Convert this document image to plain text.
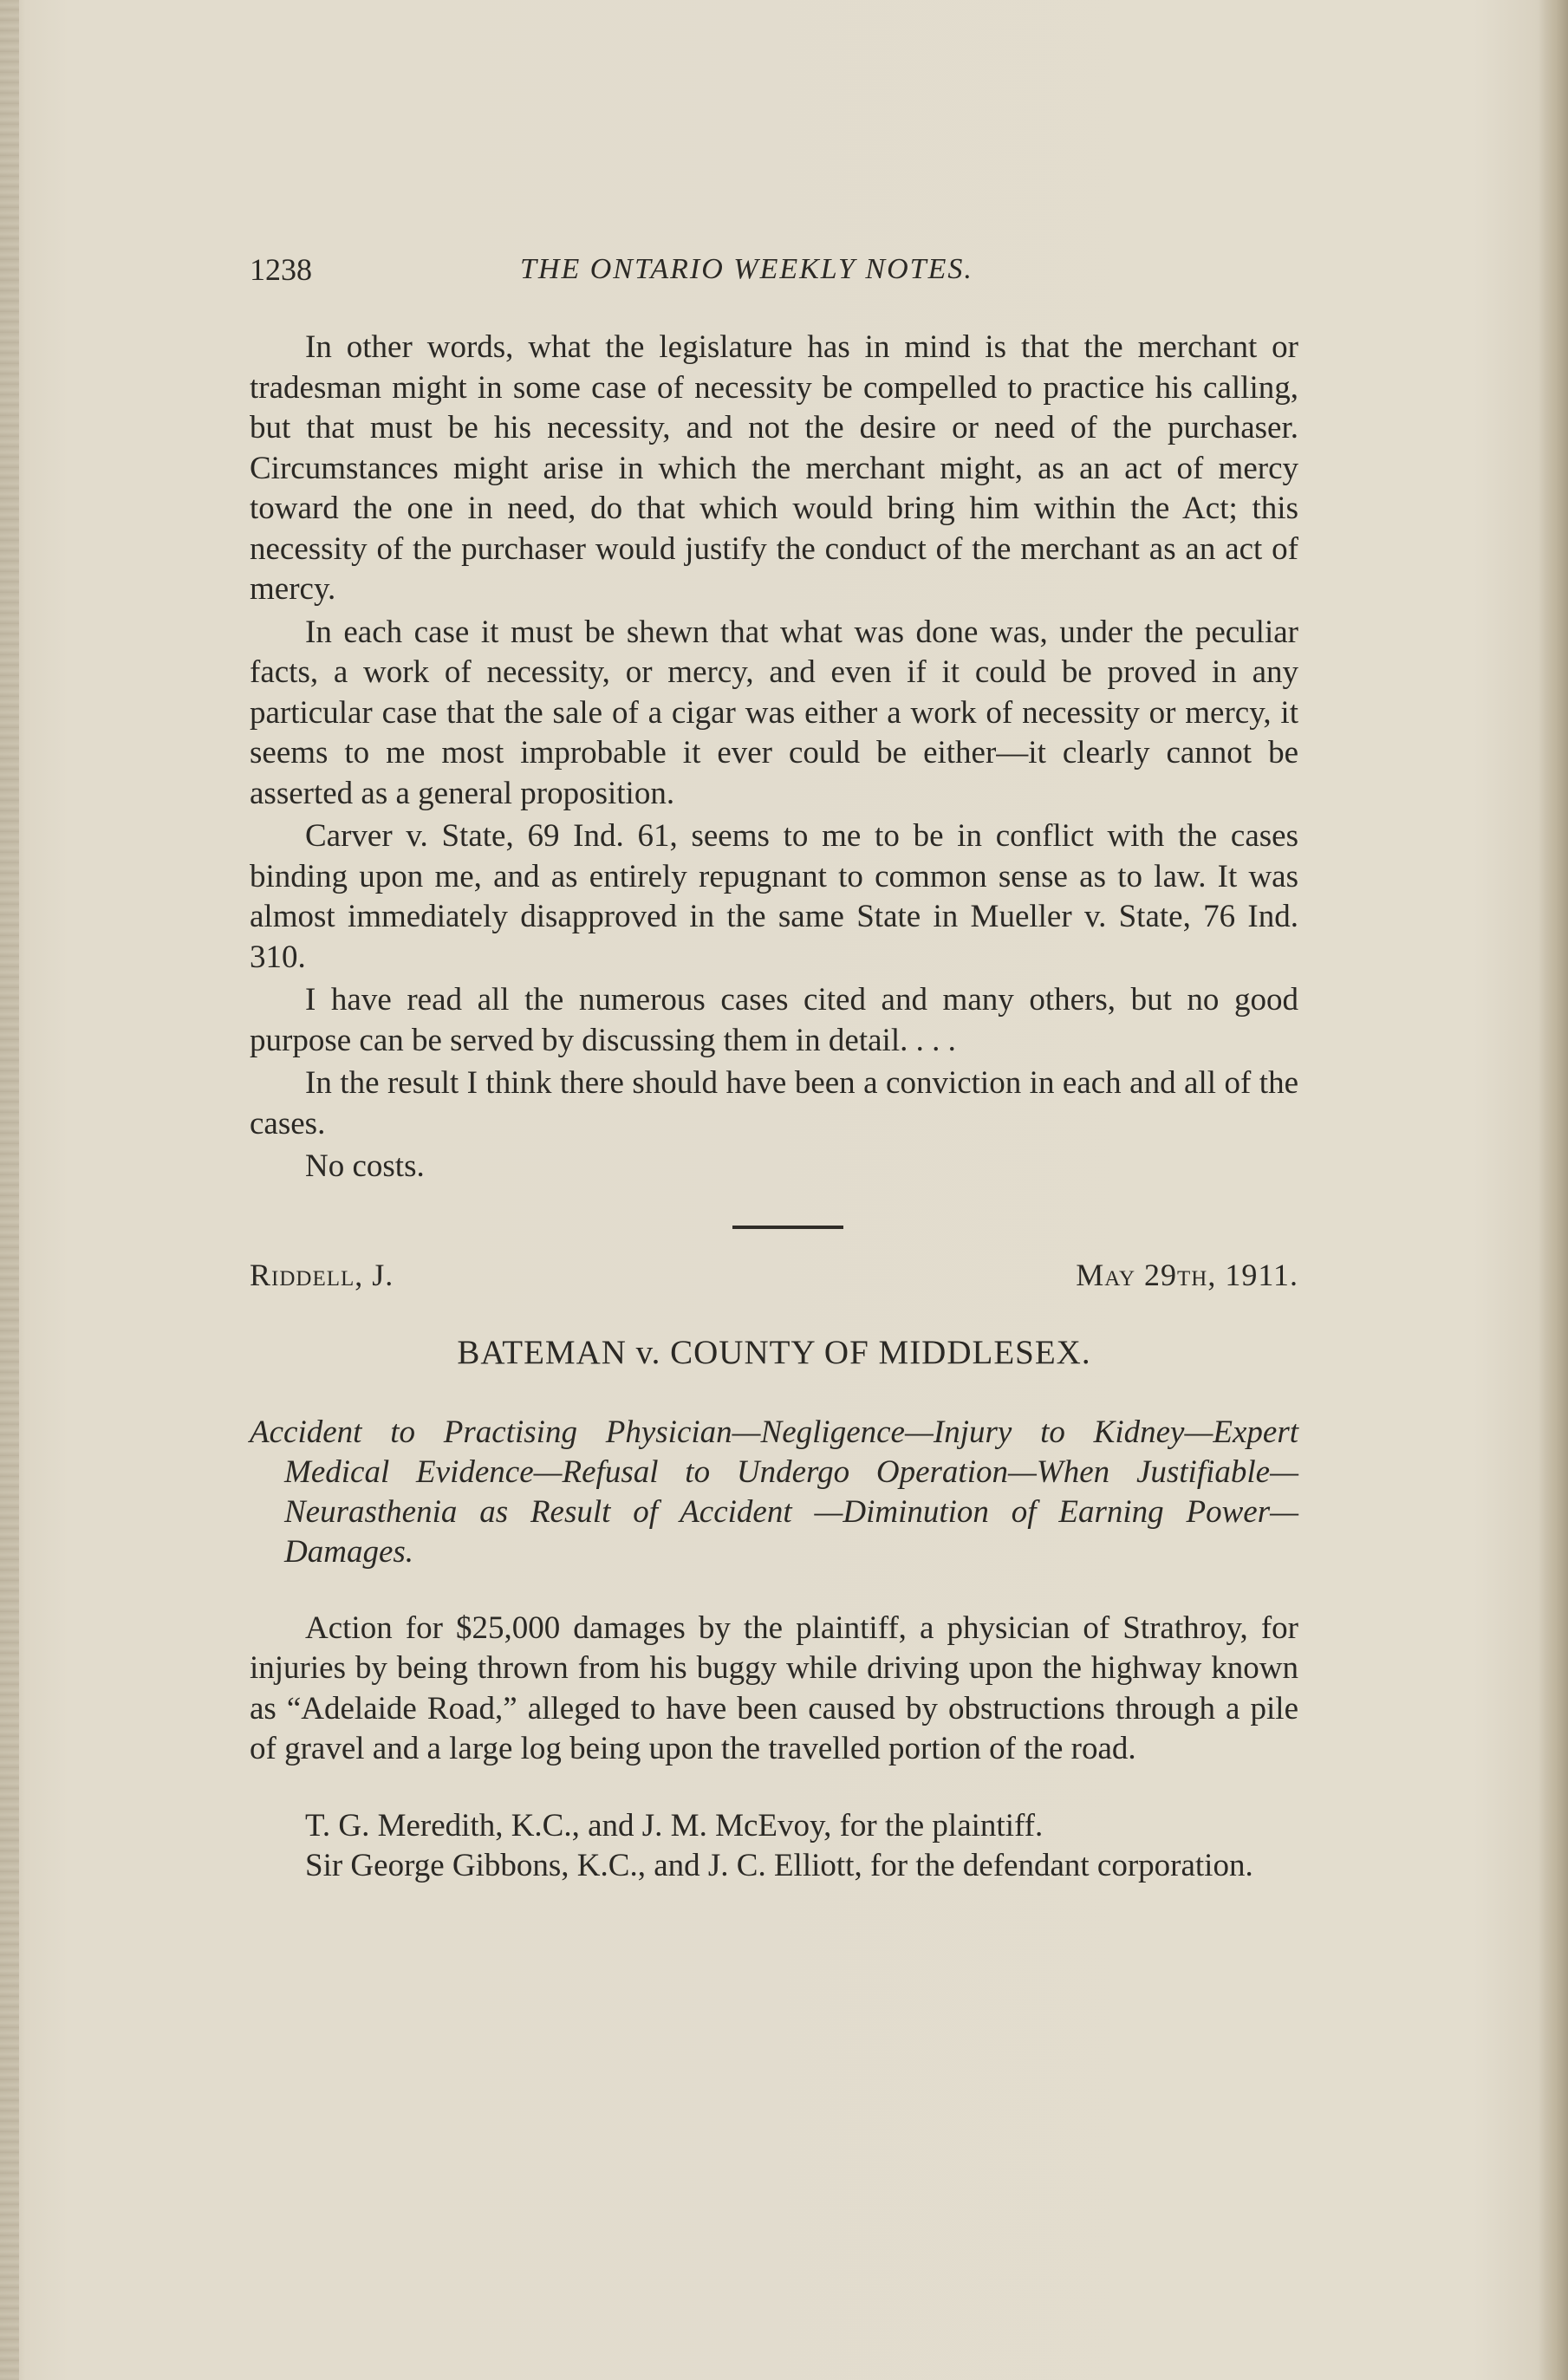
1238	THE ONTARIO WEEKLY NOTES.

In other words, what the legislature has in mind is that the merchant or tradesman might in some case of necessity be compelled to practice his calling, but that must be his necessity, and not the desire or need of the purchaser. Circumstances might arise in which the merchant might, as an act of mercy toward the one in need, do that which would bring him within the Act; this necessity of the purchaser would justify the conduct of the merchant as an act of mercy.

In each case it must be shewn that what was done was, under the peculiar facts, a work of necessity, or mercy, and even if it could be proved in any particular case that the sale of a cigar was either a work of necessity or mercy, it seems to me most improbable it ever could be either—it clearly cannot be asserted as a general proposition.

Carver v. State, 69 Ind. 61, seems to me to be in conflict with the cases binding upon me, and as entirely repugnant to common sense as to law. It was almost immediately disapproved in the same State in Mueller v. State, 76 Ind. 310.

I have read all the numerous cases cited and many others, but no good purpose can be served by discussing them in detail. . . .

In the result I think there should have been a conviction in each and all of the cases.

No costs.

Riddell, J.	May 29th, 1911.
BATEMAN v. COUNTY OF MIDDLESEX.
Accident to Practising Physician—Negligence—Injury to Kidney—Expert Medical Evidence—Refusal to Undergo Operation—When Justifiable—Neurasthenia as Result of Accident —Diminution of Earning Power—Damages.
Action for $25,000 damages by the plaintiff, a physician of Strathroy, for injuries by being thrown from his buggy while driving upon the highway known as “Adelaide Road,” alleged to have been caused by obstructions through a pile of gravel and a large log being upon the travelled portion of the road.

T. G. Meredith, K.C., and J. M. McEvoy, for the plaintiff.

Sir George Gibbons, K.C., and J. C. Elliott, for the defendant corporation.
